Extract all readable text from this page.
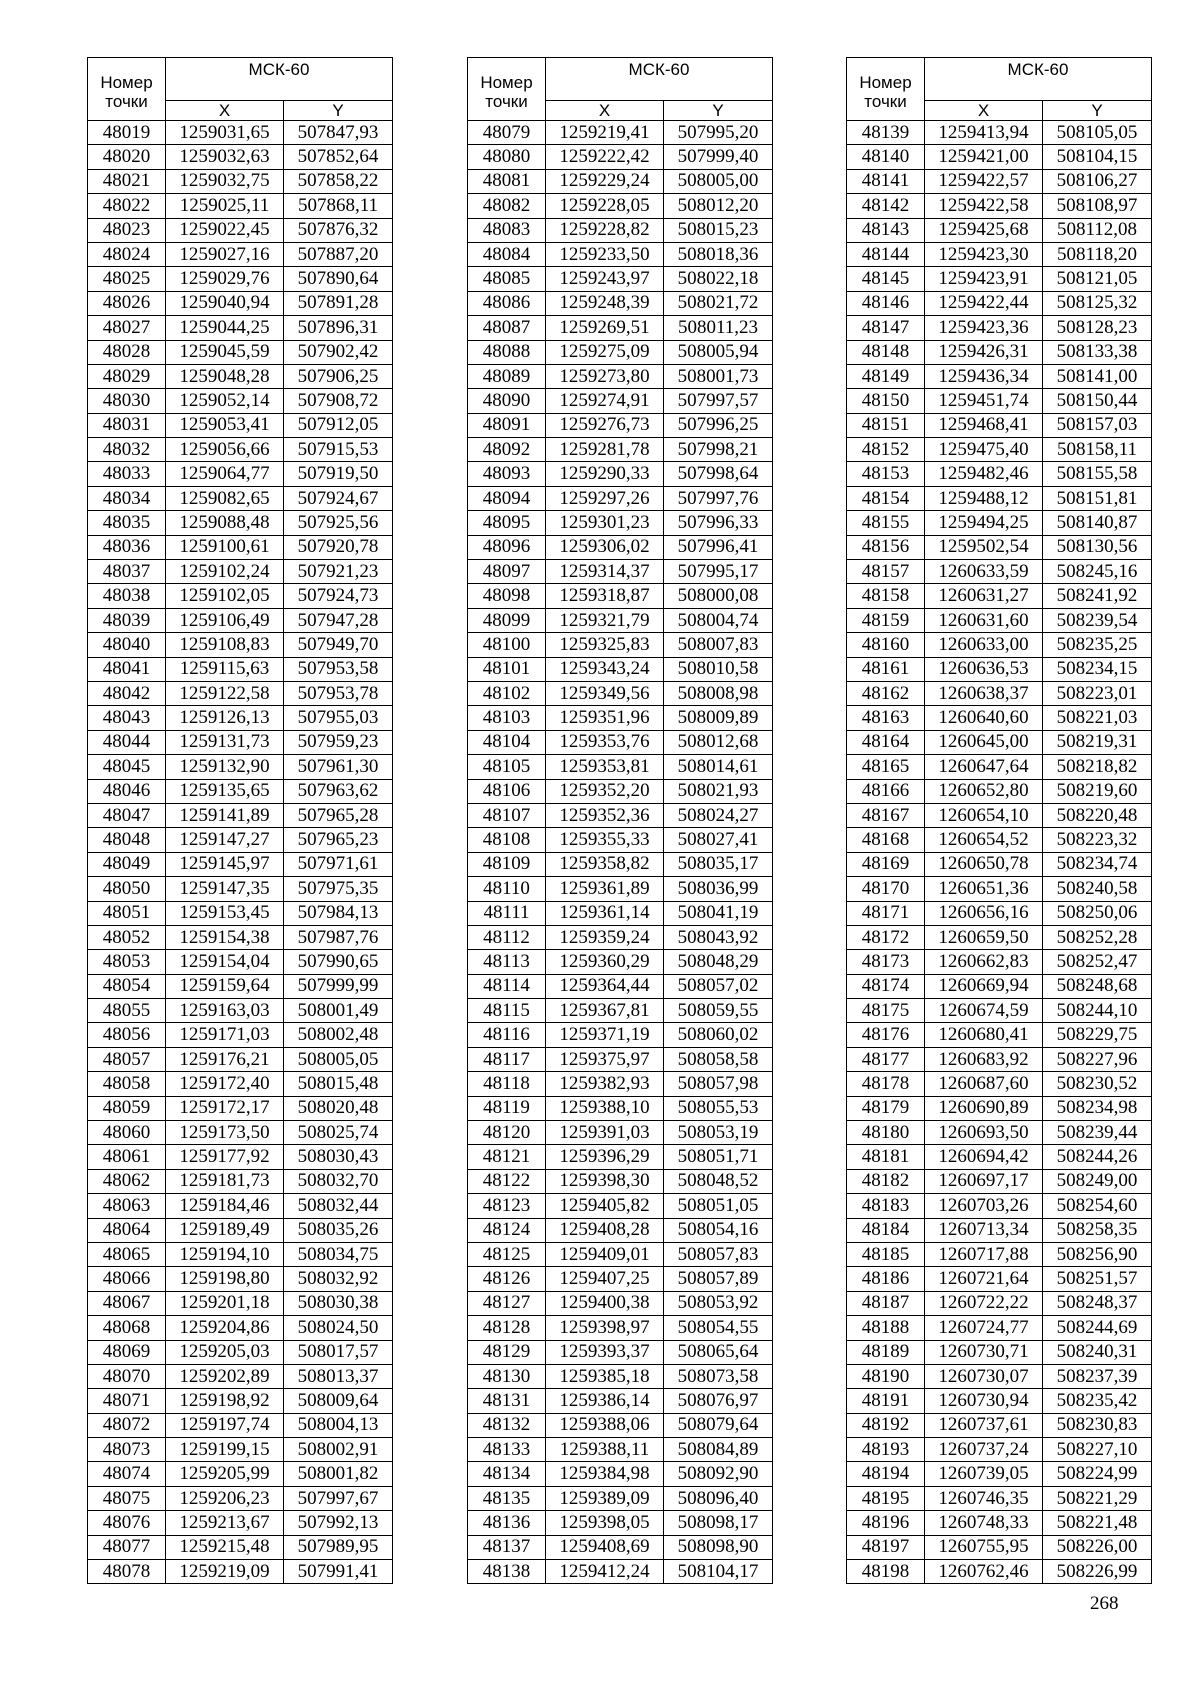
Номер точки	МСК-60	
	X	Y
48019	1259031,65	507847,93
48020	1259032,63	507852,64
48021	1259032,75	507858,22
48022	1259025,11	507868,11
48023	1259022,45	507876,32
48024	1259027,16	507887,20
48025	1259029,76	507890,64
48026	1259040,94	507891,28
48027	1259044,25	507896,31
48028	1259045,59	507902,42
48029	1259048,28	507906,25
48030	1259052,14	507908,72
48031	1259053,41	507912,05
48032	1259056,66	507915,53
48033	1259064,77	507919,50
48034	1259082,65	507924,67
48035	1259088,48	507925,56
48036	1259100,61	507920,78
48037	1259102,24	507921,23
48038	1259102,05	507924,73
48039	1259106,49	507947,28
48040	1259108,83	507949,70
48041	1259115,63	507953,58
48042	1259122,58	507953,78
48043	1259126,13	507955,03
48044	1259131,73	507959,23
48045	1259132,90	507961,30
48046	1259135,65	507963,62
48047	1259141,89	507965,28
48048	1259147,27	507965,23
48049	1259145,97	507971,61
48050	1259147,35	507975,35
48051	1259153,45	507984,13
48052	1259154,38	507987,76
48053	1259154,04	507990,65
48054	1259159,64	507999,99
48055	1259163,03	508001,49
48056	1259171,03	508002,48
48057	1259176,21	508005,05
48058	1259172,40	508015,48
48059	1259172,17	508020,48
48060	1259173,50	508025,74
48061	1259177,92	508030,43
48062	1259181,73	508032,70
48063	1259184,46	508032,44
48064	1259189,49	508035,26
48065	1259194,10	508034,75
48066	1259198,80	508032,92
48067	1259201,18	508030,38
48068	1259204,86	508024,50
48069	1259205,03	508017,57
48070	1259202,89	508013,37
48071	1259198,92	508009,64
48072	1259197,74	508004,13
48073	1259199,15	508002,91
48074	1259205,99	508001,82
48075	1259206,23	507997,67
48076	1259213,67	507992,13
48077	1259215,48	507989,95
48078	1259219,09	507991,41
Номер точки	МСК-60	
	X	Y
48079	1259219,41	507995,20
48080	1259222,42	507999,40
48081	1259229,24	508005,00
48082	1259228,05	508012,20
48083	1259228,82	508015,23
48084	1259233,50	508018,36
48085	1259243,97	508022,18
48086	1259248,39	508021,72
48087	1259269,51	508011,23
48088	1259275,09	508005,94
48089	1259273,80	508001,73
48090	1259274,91	507997,57
48091	1259276,73	507996,25
48092	1259281,78	507998,21
48093	1259290,33	507998,64
48094	1259297,26	507997,76
48095	1259301,23	507996,33
48096	1259306,02	507996,41
48097	1259314,37	507995,17
48098	1259318,87	508000,08
48099	1259321,79	508004,74
48100	1259325,83	508007,83
48101	1259343,24	508010,58
48102	1259349,56	508008,98
48103	1259351,96	508009,89
48104	1259353,76	508012,68
48105	1259353,81	508014,61
48106	1259352,20	508021,93
48107	1259352,36	508024,27
48108	1259355,33	508027,41
48109	1259358,82	508035,17
48110	1259361,89	508036,99
48111	1259361,14	508041,19
48112	1259359,24	508043,92
48113	1259360,29	508048,29
48114	1259364,44	508057,02
48115	1259367,81	508059,55
48116	1259371,19	508060,02
48117	1259375,97	508058,58
48118	1259382,93	508057,98
48119	1259388,10	508055,53
48120	1259391,03	508053,19
48121	1259396,29	508051,71
48122	1259398,30	508048,52
48123	1259405,82	508051,05
48124	1259408,28	508054,16
48125	1259409,01	508057,83
48126	1259407,25	508057,89
48127	1259400,38	508053,92
48128	1259398,97	508054,55
48129	1259393,37	508065,64
48130	1259385,18	508073,58
48131	1259386,14	508076,97
48132	1259388,06	508079,64
48133	1259388,11	508084,89
48134	1259384,98	508092,90
48135	1259389,09	508096,40
48136	1259398,05	508098,17
48137	1259408,69	508098,90
48138	1259412,24	508104,17
Номер точки	МСК-60	
	X	Y
48139	1259413,94	508105,05
48140	1259421,00	508104,15
48141	1259422,57	508106,27
48142	1259422,58	508108,97
48143	1259425,68	508112,08
48144	1259423,30	508118,20
48145	1259423,91	508121,05
48146	1259422,44	508125,32
48147	1259423,36	508128,23
48148	1259426,31	508133,38
48149	1259436,34	508141,00
48150	1259451,74	508150,44
48151	1259468,41	508157,03
48152	1259475,40	508158,11
48153	1259482,46	508155,58
48154	1259488,12	508151,81
48155	1259494,25	508140,87
48156	1259502,54	508130,56
48157	1260633,59	508245,16
48158	1260631,27	508241,92
48159	1260631,60	508239,54
48160	1260633,00	508235,25
48161	1260636,53	508234,15
48162	1260638,37	508223,01
48163	1260640,60	508221,03
48164	1260645,00	508219,31
48165	1260647,64	508218,82
48166	1260652,80	508219,60
48167	1260654,10	508220,48
48168	1260654,52	508223,32
48169	1260650,78	508234,74
48170	1260651,36	508240,58
48171	1260656,16	508250,06
48172	1260659,50	508252,28
48173	1260662,83	508252,47
48174	1260669,94	508248,68
48175	1260674,59	508244,10
48176	1260680,41	508229,75
48177	1260683,92	508227,96
48178	1260687,60	508230,52
48179	1260690,89	508234,98
48180	1260693,50	508239,44
48181	1260694,42	508244,26
48182	1260697,17	508249,00
48183	1260703,26	508254,60
48184	1260713,34	508258,35
48185	1260717,88	508256,90
48186	1260721,64	508251,57
48187	1260722,22	508248,37
48188	1260724,77	508244,69
48189	1260730,71	508240,31
48190	1260730,07	508237,39
48191	1260730,94	508235,42
48192	1260737,61	508230,83
48193	1260737,24	508227,10
48194	1260739,05	508224,99
48195	1260746,35	508221,29
48196	1260748,33	508221,48
48197	1260755,95	508226,00
48198	1260762,46	508226,99
268
